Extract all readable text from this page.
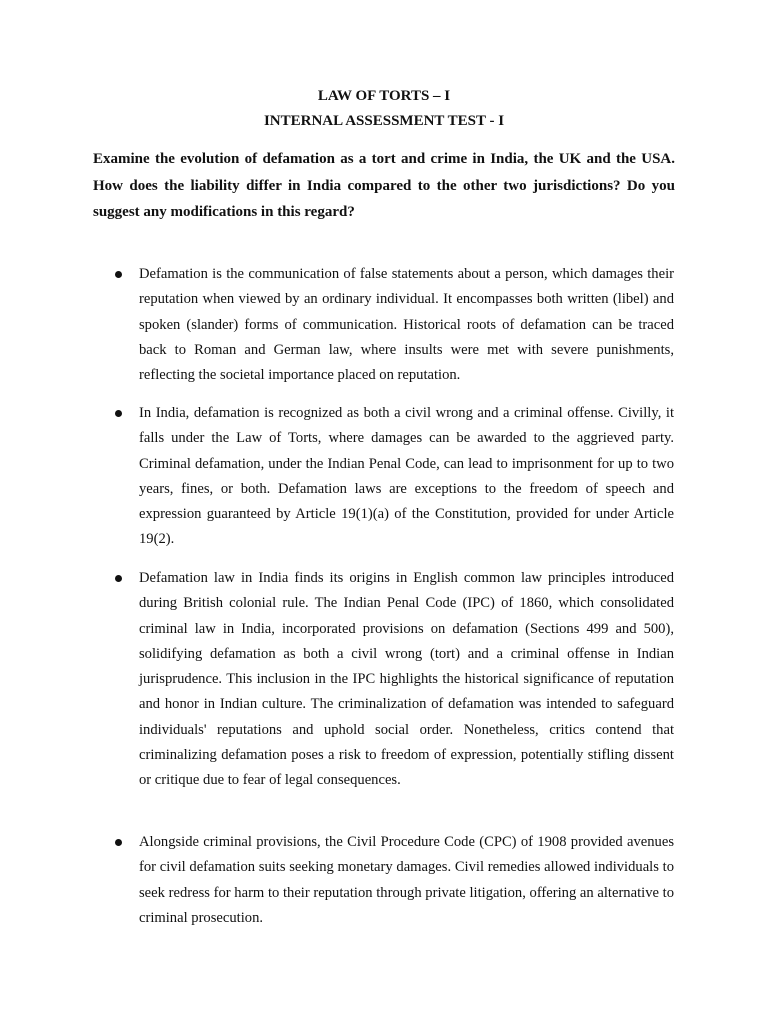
LAW OF TORTS – I
INTERNAL ASSESSMENT TEST - I

Examine the evolution of defamation as a tort and crime in India, the UK and the USA. How does the liability differ in India compared to the other two jurisdictions? Do you suggest any modifications in this regard?

Defamation is the communication of false statements about a person, which damages their reputation when viewed by an ordinary individual. It encompasses both written (libel) and spoken (slander) forms of communication. Historical roots of defamation can be traced back to Roman and German law, where insults were met with severe punishments, reflecting the societal importance placed on reputation.

In India, defamation is recognized as both a civil wrong and a criminal offense. Civilly, it falls under the Law of Torts, where damages can be awarded to the aggrieved party. Criminal defamation, under the Indian Penal Code, can lead to imprisonment for up to two years, fines, or both. Defamation laws are exceptions to the freedom of speech and expression guaranteed by Article 19(1)(a) of the Constitution, provided for under Article 19(2).

Defamation law in India finds its origins in English common law principles introduced during British colonial rule. The Indian Penal Code (IPC) of 1860, which consolidated criminal law in India, incorporated provisions on defamation (Sections 499 and 500), solidifying defamation as both a civil wrong (tort) and a criminal offense in Indian jurisprudence. This inclusion in the IPC highlights the historical significance of reputation and honor in Indian culture. The criminalization of defamation was intended to safeguard individuals' reputations and uphold social order. Nonetheless, critics contend that criminalizing defamation poses a risk to freedom of expression, potentially stifling dissent or critique due to fear of legal consequences.

Alongside criminal provisions, the Civil Procedure Code (CPC) of 1908 provided avenues for civil defamation suits seeking monetary damages. Civil remedies allowed individuals to seek redress for harm to their reputation through private litigation, offering an alternative to criminal prosecution.
